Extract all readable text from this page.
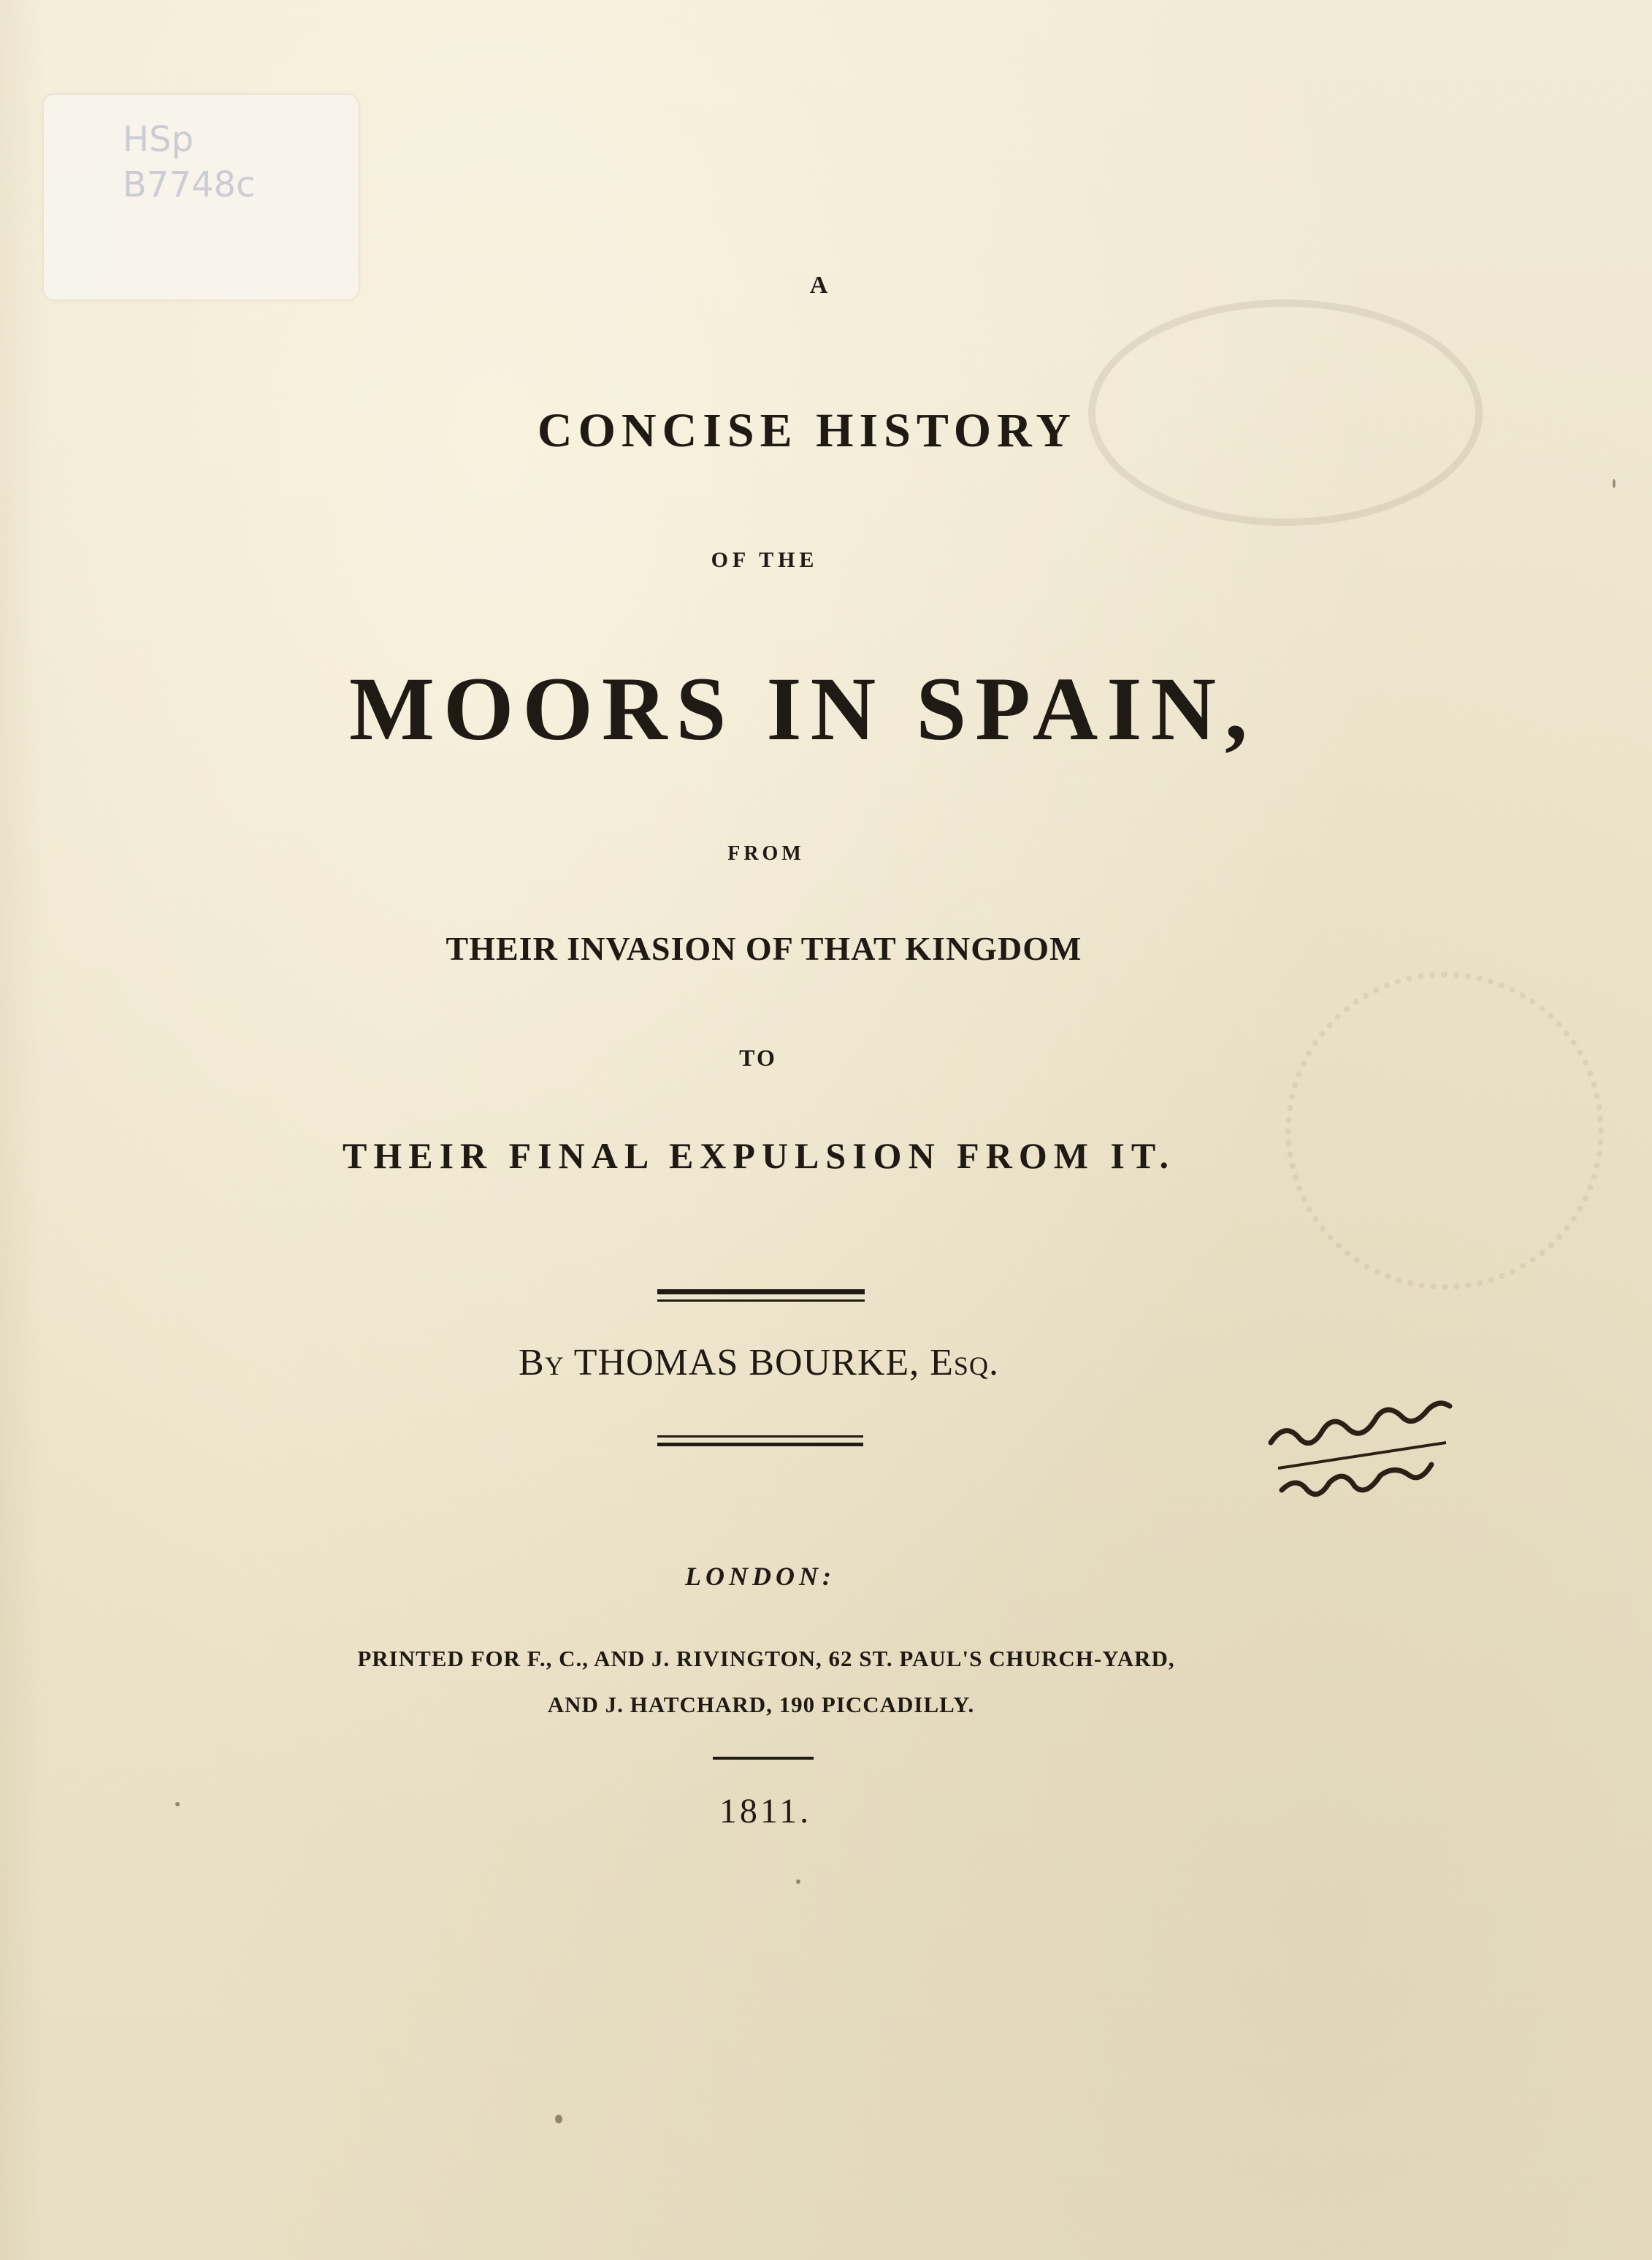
HSp
B7748c
A
CONCISE HISTORY
OF THE
MOORS IN SPAIN,
FROM
THEIR INVASION OF THAT KINGDOM
TO
THEIR FINAL EXPULSION FROM IT.
BY THOMAS BOURKE, ESQ.
LONDON:
PRINTED FOR F., C., AND J. RIVINGTON, 62 ST. PAUL'S CHURCH-YARD,
AND J. HATCHARD, 190 PICCADILLY.
1811.
